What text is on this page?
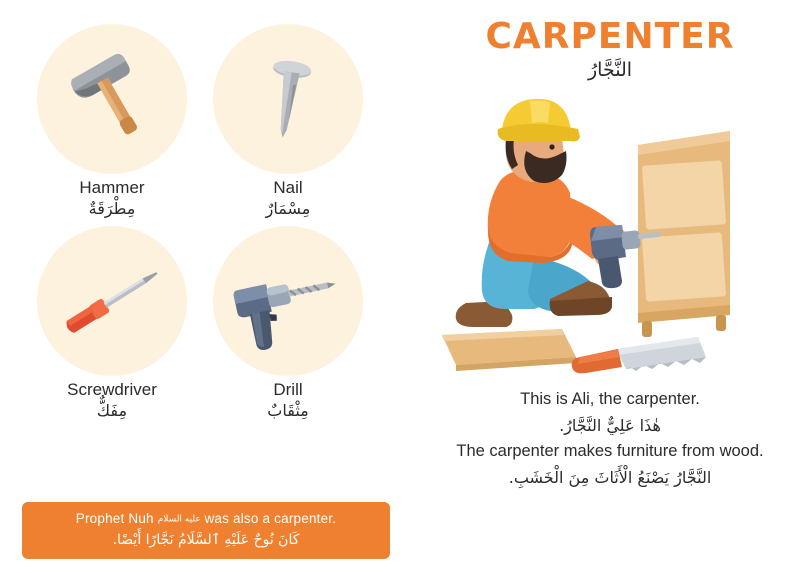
Hammer
مِطْرَقَةٌ
Nail
مِسْمَارٌ
Screwdriver
مِفَكٌّ
Drill
مِثْقَابٌ
Prophet Nuh عليه السلام was also a carpenter.
كَانَ نُوحٌ عَلَيْهِ ٱلسَّلَامُ نَجَّارًا أَيْضًا.
CARPENTER
النَّجَّارُ
This is Ali, the carpenter.
هٰذَا عَلِيٌّ النَّجَّارُ.
The carpenter makes furniture from wood.
النَّجَّارُ يَصْنَعُ الْأَثَاثَ مِنَ الْخَشَبِ.
